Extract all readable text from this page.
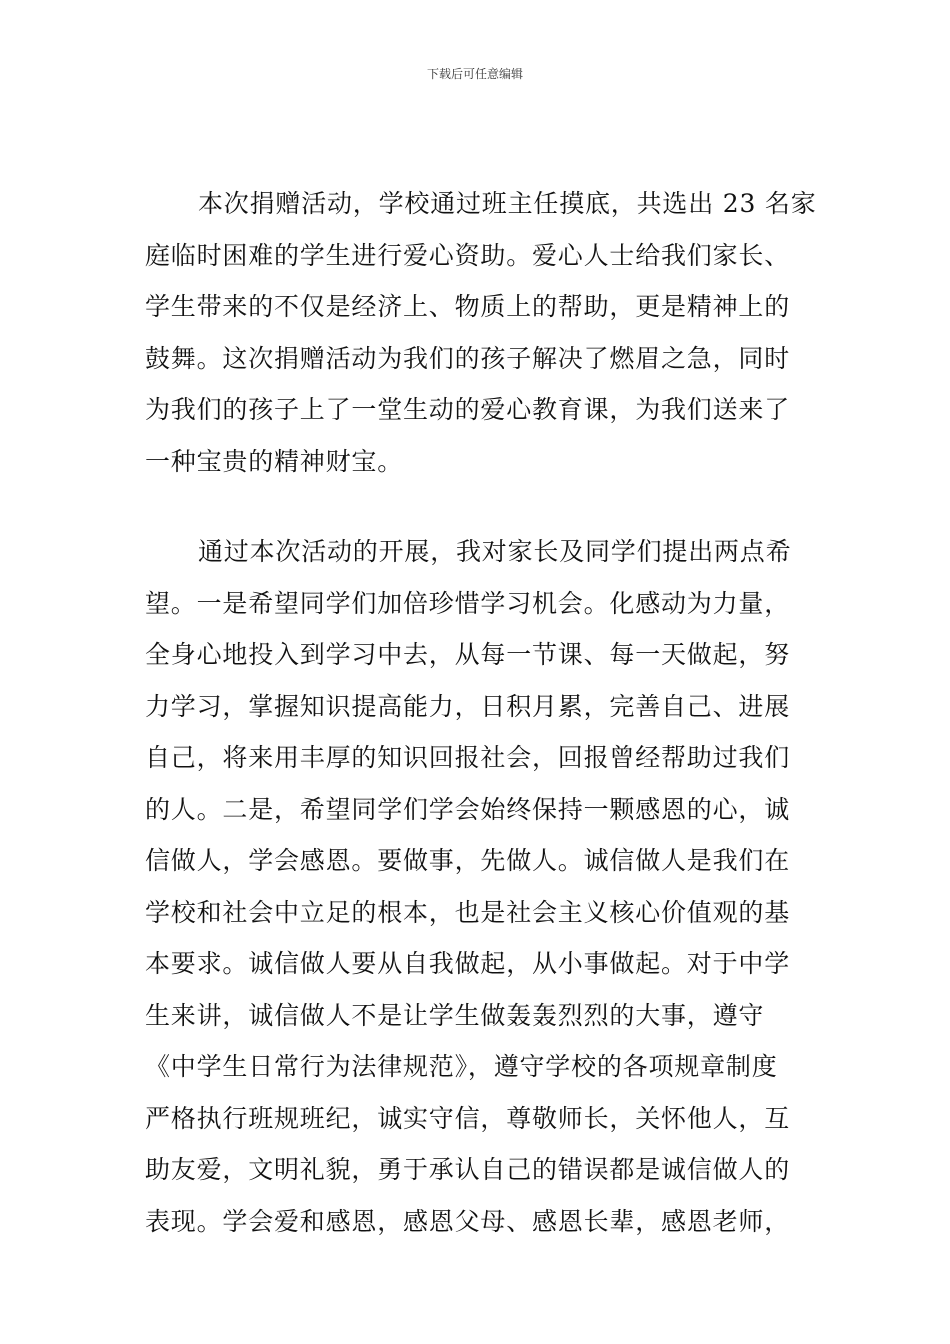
下载后可任意编辑

本次捐赠活动，学校通过班主任摸底，共选出 23 名家
庭临时困难的学生进行爱心资助。爱心人士给我们家长、
学生带来的不仅是经济上、物质上的帮助，更是精神上的
鼓舞。这次捐赠活动为我们的孩子解决了燃眉之急，同时
为我们的孩子上了一堂生动的爱心教育课，为我们送来了
一种宝贵的精神财宝。

通过本次活动的开展，我对家长及同学们提出两点希
望。一是希望同学们加倍珍惜学习机会。化感动为力量，
全身心地投入到学习中去，从每一节课、每一天做起，努
力学习，掌握知识提高能力，日积月累，完善自己、进展
自己，将来用丰厚的知识回报社会，回报曾经帮助过我们
的人。二是，希望同学们学会始终保持一颗感恩的心，诚
信做人，学会感恩。要做事，先做人。诚信做人是我们在
学校和社会中立足的根本，也是社会主义核心价值观的基
本要求。诚信做人要从自我做起，从小事做起。对于中学
生来讲，诚信做人不是让学生做轰轰烈烈的大事，遵守
《中学生日常行为法律规范》，遵守学校的各项规章制度
严格执行班规班纪，诚实守信，尊敬师长，关怀他人，互
助友爱，文明礼貌，勇于承认自己的错误都是诚信做人的
表现。学会爱和感恩，感恩父母、感恩长辈，感恩老师，
